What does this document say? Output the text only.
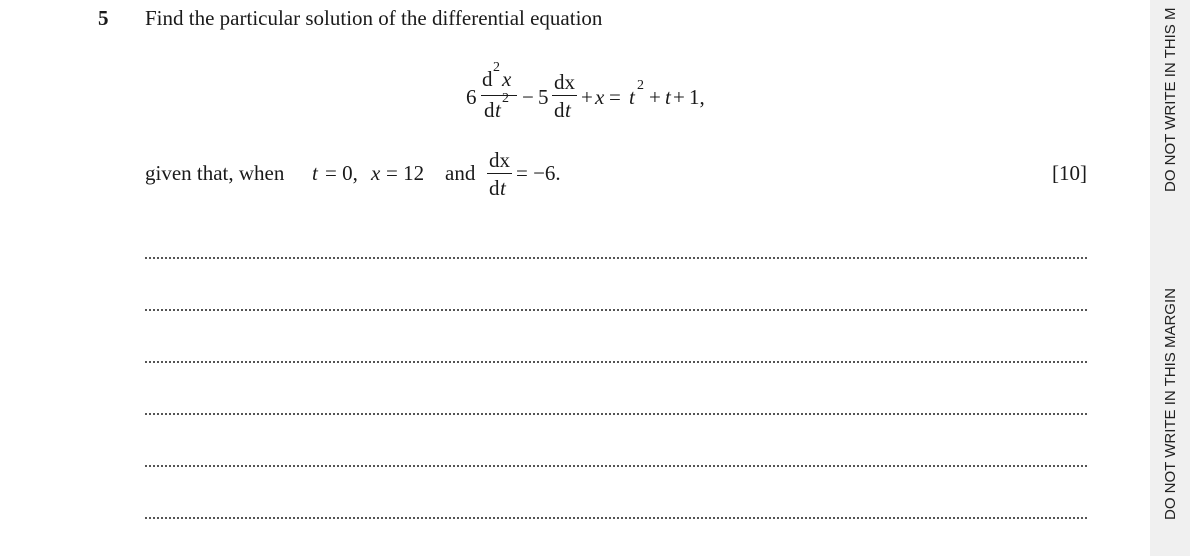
5 Find the particular solution of the differential equation
6
d 2 x
d t 2 − 5
dx
d t
+ x = t 2 + t + 1,
given that, when t = 0, x = 12 and
dx
d t
= −6.	[10]	DO NOT WRITE IN THIS M
DO NOT WRITE IN THIS MARGIN
